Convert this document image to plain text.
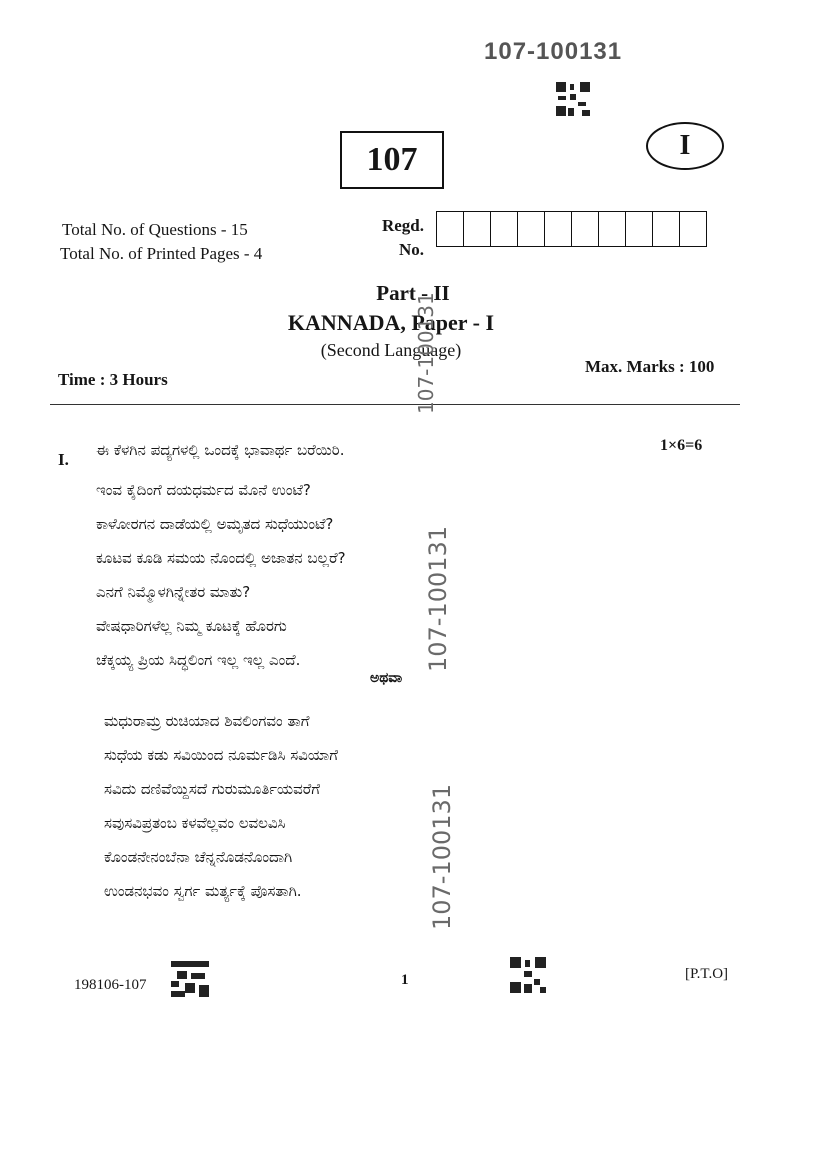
107-100131
107	I
Total No. of Questions - 15
Total No. of Printed Pages - 4
Regd.
No.
Part - II
KANNADA, Paper - I
(Second Language)
Time : 3 Hours
Max. Marks : 100
107-100131
107-100131
107-100131
I. ಈ ಕೆಳಗಿನ ಪದ್ಯಗಳಲ್ಲಿ ಒಂದಕ್ಕೆ ಭಾವಾರ್ಥ ಬರೆಯಿರಿ.	1×6=6
ಇಂವ ಕೈದಿಂಗೆ ದಯಧರ್ಮದ ಮೊನೆ ಉಂಟೆ?
ಕಾಳೋರಗನ ದಾಡೆಯಲ್ಲಿ ಅಮೃತದ ಸುಧೆಯುಂಟೆ?
ಕೂಟವ ಕೂಡಿ ಸಮಯ ನೊಂದಲ್ಲಿ ಅಜಾತನ ಬಲ್ಲರೆ?
ಎನಗೆ ನಿಮ್ಮೊಳಗಿನ್ನೇತರ ಮಾತು?
ವೇಷಧಾರಿಗಳೆಲ್ಲ ನಿಮ್ಮ ಕೂಟಕ್ಕೆ ಹೊರಗು
ಚೆಕ್ಕಯ್ಯ ಪ್ರಿಯ ಸಿದ್ಧಲಿಂಗ ಇಲ್ಲ ಇಲ್ಲ ಎಂದೆ.
ಅಥವಾ
ಮಧುರಾಮ್ರ ರುಚಿಯಾದ ಶಿವಲಿಂಗವಂ ತಾಗೆ
ಸುಧೆಯ ಕಡು ಸವಿಯಿಂದ ನೂರ್ಮಡಿಸಿ ಸವಿಯಾಗೆ
ಸವಿದು ದಣಿವೆಯ್ದಿಸದೆ ಗುರುಮೂರ್ತಿಯವರೆಗೆ
ಸವುಸವಿಪ್ರತಂಬ ಕಳವೆಲ್ಲವಂ ಲವಲವಿಸಿ
ಕೊಂಡನೇನಂಬೆನಾ ಚೆನ್ನನೊಡನೊಂದಾಗಿ
ಉಂಡನಭವಂ ಸ್ವರ್ಗ ಮರ್ತ್ಯಕ್ಕೆ ಪೊಸತಾಗಿ.
198106-107	1	[P.T.O]
